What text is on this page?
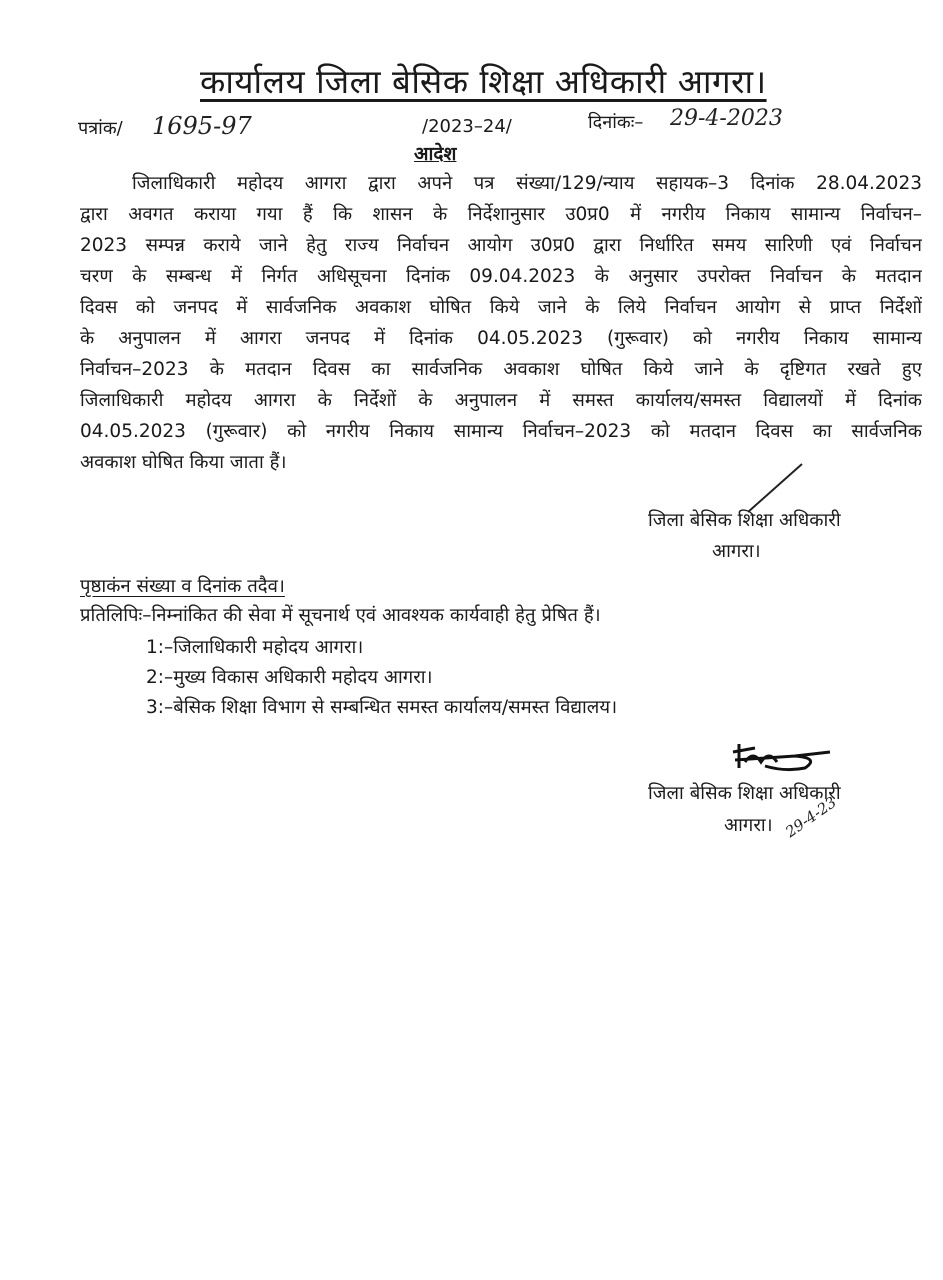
कार्यालय जिला बेसिक शिक्षा अधिकारी आगरा।
पत्रांक/ 1695-97	/2023–24/	दिनांकः– 29-4-2023
आदेश
जिलाधिकारी महोदय आगरा द्वारा अपने पत्र संख्या/129/न्याय सहायक–3 दिनांक 28.04.2023
द्वारा अवगत कराया गया हैं कि शासन के निर्देशानुसार उ0प्र0 में नगरीय निकाय सामान्य निर्वाचन–
2023 सम्पन्न कराये जाने हेतु राज्य निर्वाचन आयोग उ0प्र0 द्वारा निर्धारित समय सारिणी एवं निर्वाचन
चरण के सम्बन्ध में निर्गत अधिसूचना दिनांक 09.04.2023 के अनुसार उपरोक्त निर्वाचन के मतदान
दिवस को जनपद में सार्वजनिक अवकाश घोषित किये जाने के लिये निर्वाचन आयोग से प्राप्त निर्देशों
के अनुपालन में आगरा जनपद में दिनांक 04.05.2023 (गुरूवार) को नगरीय निकाय सामान्य
निर्वाचन–2023 के मतदान दिवस का सार्वजनिक अवकाश घोषित किये जाने के दृष्टिगत रखते हुए
जिलाधिकारी महोदय आगरा के निर्देशों के अनुपालन में समस्त कार्यालय/समस्त विद्यालयों में दिनांक
04.05.2023 (गुरूवार) को नगरीय निकाय सामान्य निर्वाचन–2023 को मतदान दिवस का सार्वजनिक
अवकाश घोषित किया जाता हैं।
जिला बेसिक शिक्षा अधिकारी
आगरा।
पृष्ठाकंन संख्या व दिनांक तदैव।
प्रतिलिपिः–निम्नांकित की सेवा में सूचनार्थ एवं आवश्यक कार्यवाही हेतु प्रेषित हैं।
1:–जिलाधिकारी महोदय आगरा।
2:–मुख्य विकास अधिकारी महोदय आगरा।
3:–बेसिक शिक्षा विभाग से सम्बन्धित समस्त कार्यालय/समस्त विद्यालय।
जिला बेसिक शिक्षा अधिकारी
आगरा। 29-4-23
